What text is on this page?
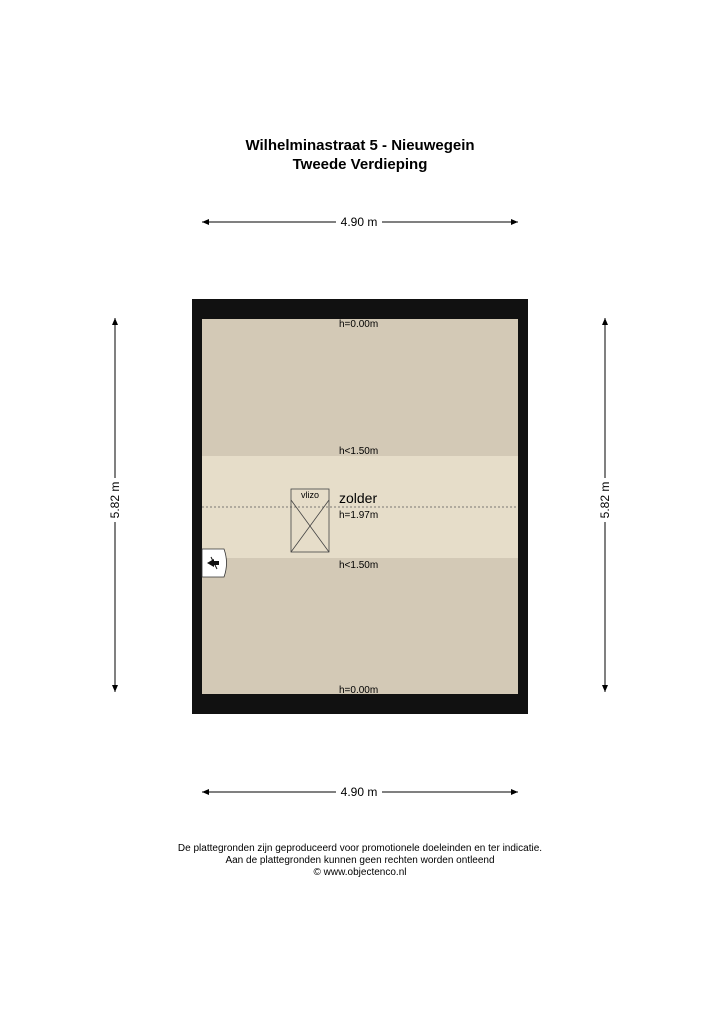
Wilhelminastraat 5 - Nieuwegein
Tweede Verdieping
4.90 m
4.90 m
5.82 m	5.82 m
vlizo zolder
h=1.97m
h=0.00m
h<1.50m
h<1.50m
h=0.00m
De plattegronden zijn geproduceerd voor promotionele doeleinden en ter indicatie.
Aan de plattegronden kunnen geen rechten worden ontleend
© www.objectenco.nl
